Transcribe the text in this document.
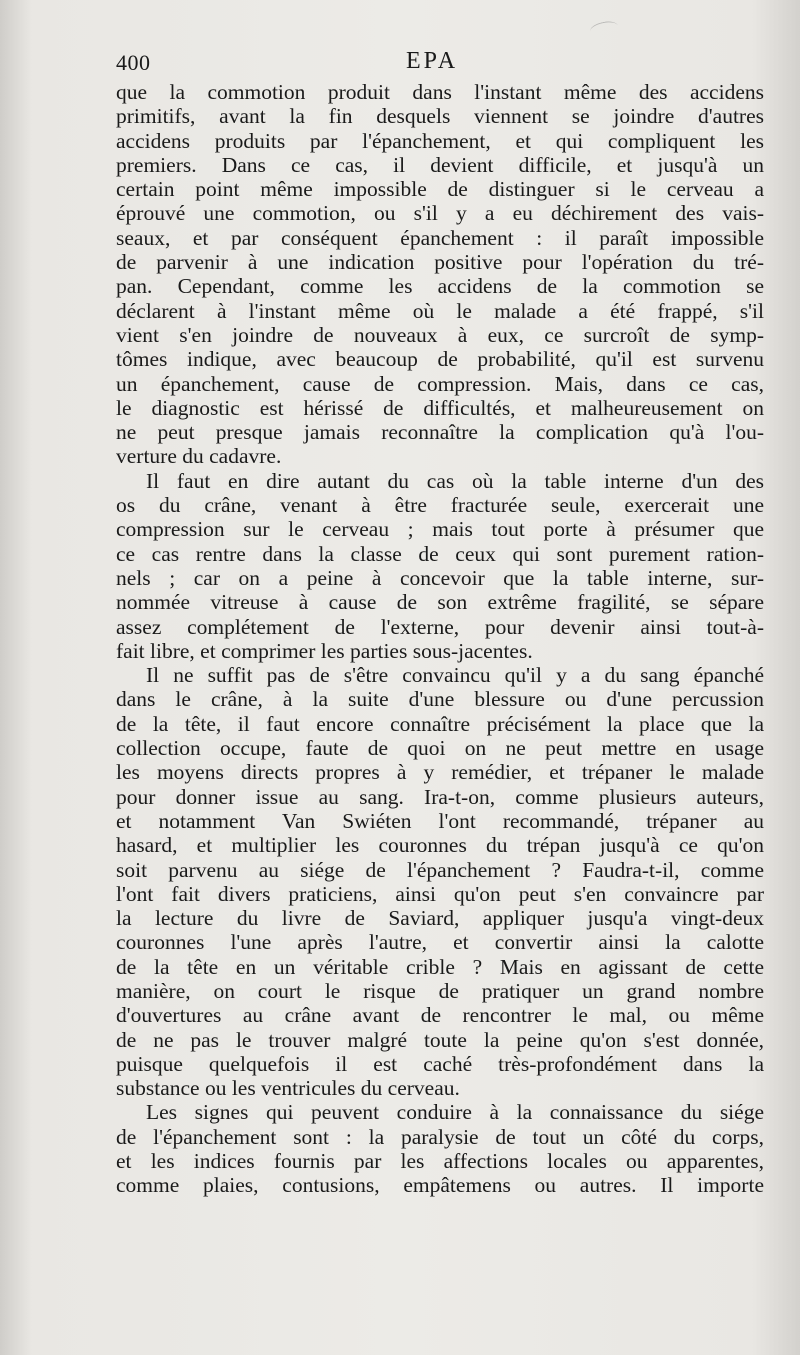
400	EPA
que la commotion produit dans l'instant même des accidens
primitifs, avant la fin desquels viennent se joindre d'autres
accidens produits par l'épanchement, et qui compliquent les
premiers. Dans ce cas, il devient difficile, et jusqu'à un
certain point même impossible de distinguer si le cerveau a
éprouvé une commotion, ou s'il y a eu déchirement des vais-
seaux, et par conséquent épanchement : il paraît impossible
de parvenir à une indication positive pour l'opération du tré-
pan. Cependant, comme les accidens de la commotion se
déclarent à l'instant même où le malade a été frappé, s'il
vient s'en joindre de nouveaux à eux, ce surcroît de symp-
tômes indique, avec beaucoup de probabilité, qu'il est survenu
un épanchement, cause de compression. Mais, dans ce cas,
le diagnostic est hérissé de difficultés, et malheureusement on
ne peut presque jamais reconnaître la complication qu'à l'ou-
verture du cadavre.
Il faut en dire autant du cas où la table interne d'un des
os du crâne, venant à être fracturée seule, exercerait une
compression sur le cerveau ; mais tout porte à présumer que
ce cas rentre dans la classe de ceux qui sont purement ration-
nels ; car on a peine à concevoir que la table interne, sur-
nommée vitreuse à cause de son extrême fragilité, se sépare
assez complétement de l'externe, pour devenir ainsi tout-à-
fait libre, et comprimer les parties sous-jacentes.
Il ne suffit pas de s'être convaincu qu'il y a du sang épanché
dans le crâne, à la suite d'une blessure ou d'une percussion
de la tête, il faut encore connaître précisément la place que la
collection occupe, faute de quoi on ne peut mettre en usage
les moyens directs propres à y remédier, et trépaner le malade
pour donner issue au sang. Ira-t-on, comme plusieurs auteurs,
et notamment Van Swiéten l'ont recommandé, trépaner au
hasard, et multiplier les couronnes du trépan jusqu'à ce qu'on
soit parvenu au siége de l'épanchement ? Faudra-t-il, comme
l'ont fait divers praticiens, ainsi qu'on peut s'en convaincre par
la lecture du livre de Saviard, appliquer jusqu'a vingt-deux
couronnes l'une après l'autre, et convertir ainsi la calotte
de la tête en un véritable crible ? Mais en agissant de cette
manière, on court le risque de pratiquer un grand nombre
d'ouvertures au crâne avant de rencontrer le mal, ou même
de ne pas le trouver malgré toute la peine qu'on s'est donnée,
puisque quelquefois il est caché très-profondément dans la
substance ou les ventricules du cerveau.
Les signes qui peuvent conduire à la connaissance du siége
de l'épanchement sont : la paralysie de tout un côté du corps,
et les indices fournis par les affections locales ou apparentes,
comme plaies, contusions, empâtemens ou autres. Il importe
